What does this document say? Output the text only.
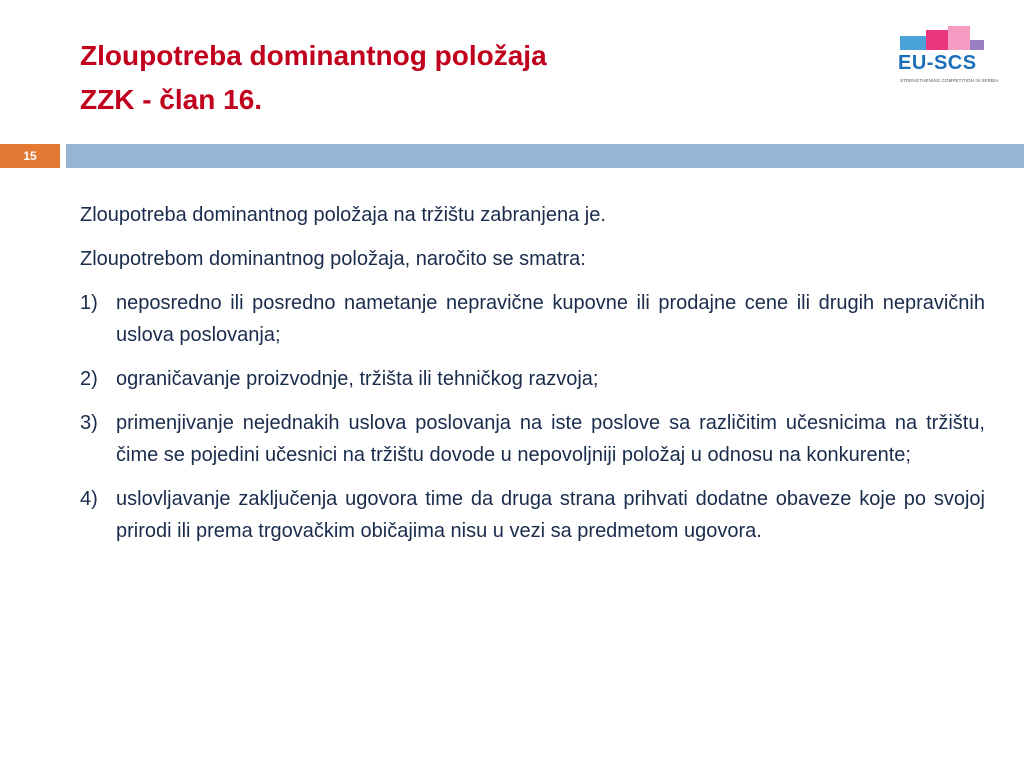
Zloupotreba dominantnog položaja
ZZK - član 16.
EU-SCS
STRENGTHENING COMPETITION IN SERBIA
15

Zloupotreba dominantnog položaja na tržištu zabranjena je.

Zloupotrebom dominantnog položaja, naročito se smatra:

1) neposredno ili posredno nametanje nepravične kupovne ili prodajne cene ili drugih nepravičnih uslova poslovanja;
2) ograničavanje proizvodnje, tržišta ili tehničkog razvoja;
3) primenjivanje nejednakih uslova poslovanja na iste poslove sa različitim učesnicima na tržištu, čime se pojedini učesnici na tržištu dovode u nepovoljniji položaj u odnosu na konkurente;
4) uslovljavanje zaključenja ugovora time da druga strana prihvati dodatne obaveze koje po svojoj prirodi ili prema trgovačkim običajima nisu u vezi sa predmetom ugovora.
